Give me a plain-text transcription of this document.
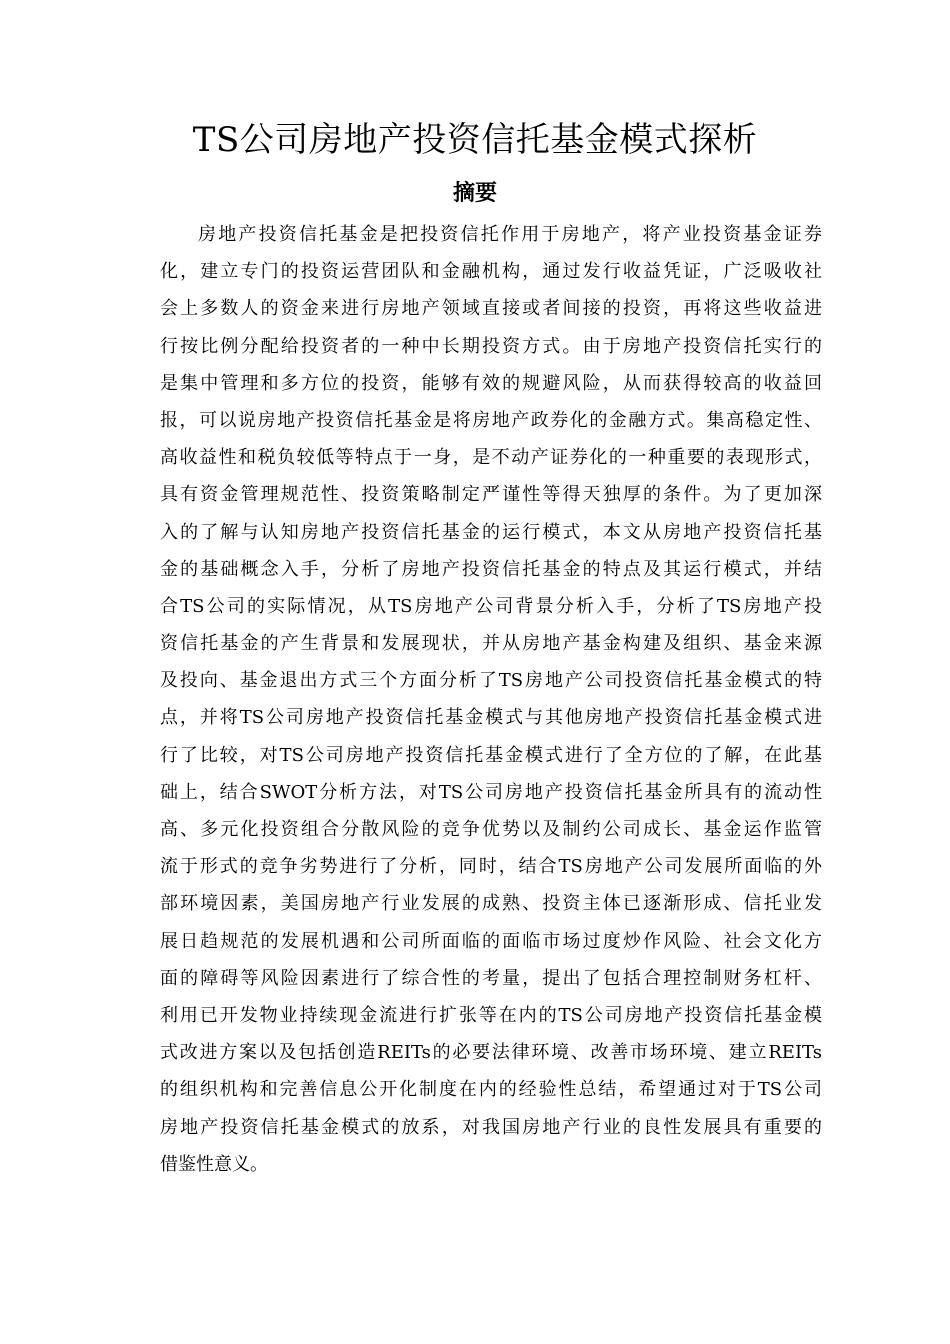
TS公司房地产投资信托基金模式探析
摘要
房地产投资信托基金是把投资信托作用于房地产，将产业投资基金证券
化，建立专门的投资运营团队和金融机构，通过发行收益凭证，广泛吸收社
会上多数人的资金来进行房地产领域直接或者间接的投资，再将这些收益进
行按比例分配给投资者的一种中长期投资方式。由于房地产投资信托实行的
是集中管理和多方位的投资，能够有效的规避风险，从而获得较高的收益回
报，可以说房地产投资信托基金是将房地产政券化的金融方式。集高稳定性、
高收益性和税负较低等特点于一身，是不动产证券化的一种重要的表现形式，
具有资金管理规范性、投资策略制定严谨性等得天独厚的条件。为了更加深
入的了解与认知房地产投资信托基金的运行模式，本文从房地产投资信托基
金的基础概念入手，分析了房地产投资信托基金的特点及其运行模式，并结
合TS公司的实际情况，从TS房地产公司背景分析入手，分析了TS房地产投
资信托基金的产生背景和发展现状，并从房地产基金构建及组织、基金来源
及投向、基金退出方式三个方面分析了TS房地产公司投资信托基金模式的特
点，并将TS公司房地产投资信托基金模式与其他房地产投资信托基金模式进
行了比较，对TS公司房地产投资信托基金模式进行了全方位的了解，在此基
础上，结合SWOT分析方法，对TS公司房地产投资信托基金所具有的流动性
高、多元化投资组合分散风险的竞争优势以及制约公司成长、基金运作监管
流于形式的竞争劣势进行了分析，同时，结合TS房地产公司发展所面临的外
部环境因素，美国房地产行业发展的成熟、投资主体已逐渐形成、信托业发
展日趋规范的发展机遇和公司所面临的面临市场过度炒作风险、社会文化方
面的障碍等风险因素进行了综合性的考量，提出了包括合理控制财务杠杆、
利用已开发物业持续现金流进行扩张等在内的TS公司房地产投资信托基金模
式改进方案以及包括创造REITs的必要法律环境、改善市场环境、建立REITs
的组织机构和完善信息公开化制度在内的经验性总结，希望通过对于TS公司
房地产投资信托基金模式的放系，对我国房地产行业的良性发展具有重要的
借鉴性意义。
